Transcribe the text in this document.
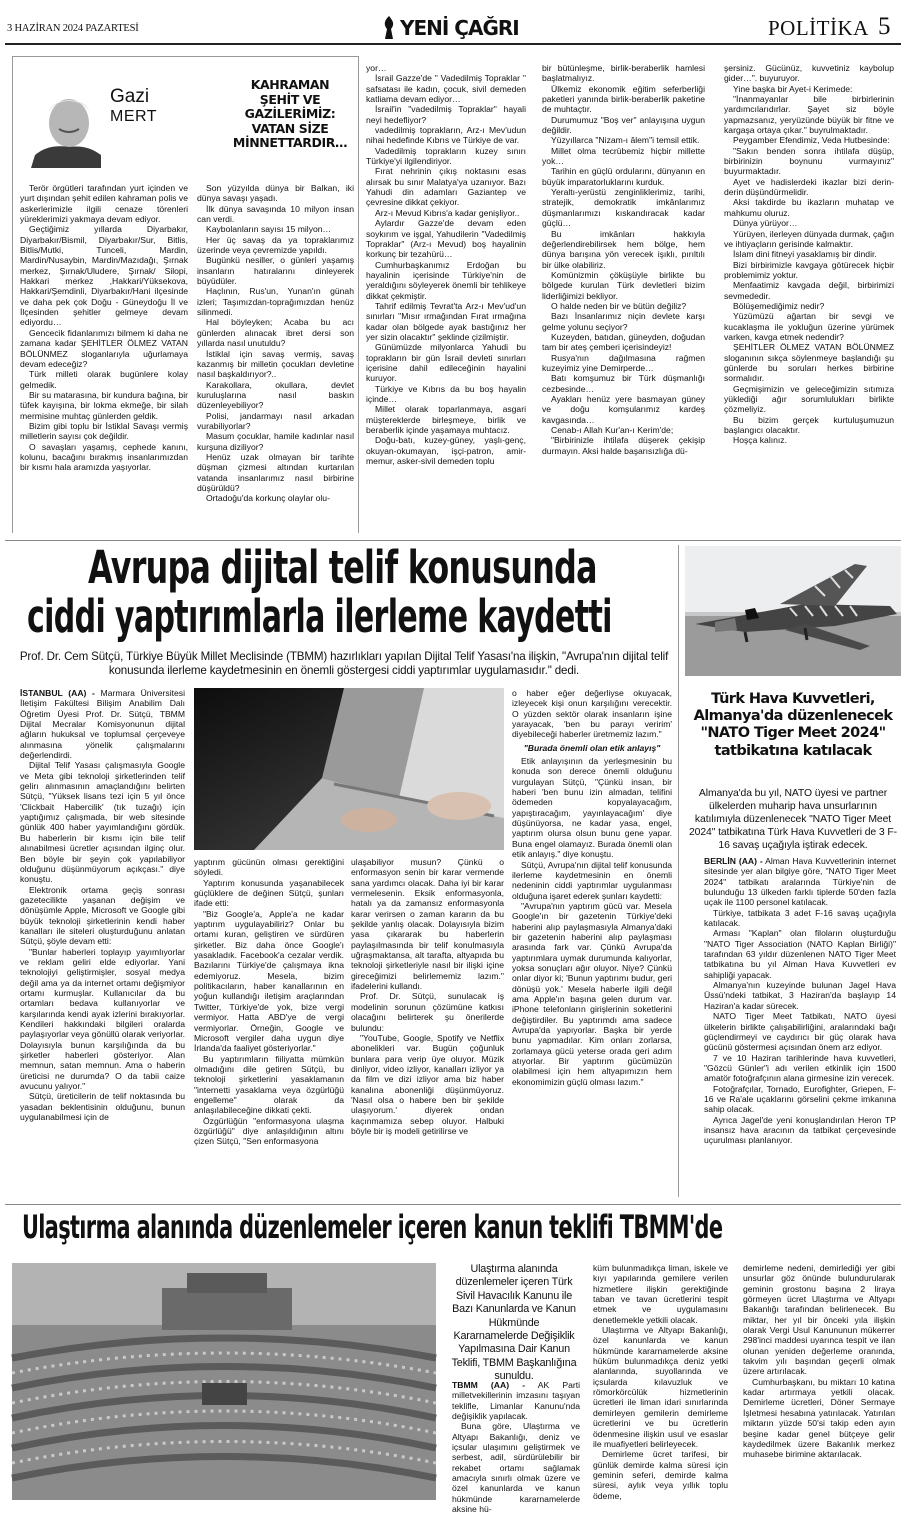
3 HAZİRAN 2024 PAZARTESİ	YENİ ÇAĞRI	POLİTİKA 5
Gazi
MERT
KAHRAMAN
ŞEHİT VE
GAZİLERİMİZ:
VATAN SİZE
MİNNETTARDIR…

Terör örgütleri tarafından yurt içinden ve yurt dışından şehit edilen kahraman polis ve askerlerimizle ilgili cenaze törenleri yüreklerimizi yakmaya devam ediyor.

Geçtiğimiz yıllarda Diyarbakır, Diyarbakır/Bismil, Diyarbakır/Sur, Bitlis, Bitlis/Mutki, Tunceli, Mardin, Mardin/Nusaybin, Mardin/Mazıdağı, Şırnak merkez, Şırnak/Uludere, Şırnak/ Silopi, Hakkari merkez ,Hakkari/Yüksekova, Hakkari/Şemdinli, Diyarbakır/Hani ilçesinde ve daha pek çok Doğu - Güneydoğu İl ve İlçesinden şehitler gelmeye devam ediyordu…

Gencecik fidanlarımızı bilmem ki daha ne zamana kadar ŞEHİTLER ÖLMEZ VATAN BÖLÜNMEZ sloganlarıyla uğurlamaya devam edeceğiz?

Türk milleti olarak bugünlere kolay gelmedik.

Bir su matarasına, bir kundura bağına, bir tüfek kayışına, bir lokma ekmeğe, bir silah mermisine muhtaç günlerden geldik.

Bizim gibi toplu bir İstiklal Savaşı vermiş milletlerin sayısı çok değildir.

O savaşları yaşamış, cephede kanını, kolunu, bacağını bırakmış insanlarımızdan bir kısmı hala aramızda yaşıyorlar.

Son yüzyılda dünya bir Balkan, iki dünya savaşı yaşadı.

İlk dünya savaşında 10 milyon insan can verdi.

Kaybolanların sayısı 15 milyon…

Her üç savaş da ya topraklarımız üzerinde veya çevremizde yapıldı.

Bugünkü nesiller, o günleri yaşamış insanların hatıralarını dinleyerek büyüdüler.

Haçlının, Rus'un, Yunan'ın günah izleri; Taşımızdan-toprağımızdan henüz silinmedi.

Hal böyleyken; Acaba bu acı günlerden alınacak ibret dersi son yıllarda nasıl unutuldu?

İstiklal için savaş vermiş, savaş kazanmış bir milletin çocukları devletine nasıl başkaldırıyor?..

Karakollara, okullara, devlet kuruluşlarına nasıl baskın düzenleyebiliyor?

Polisi, jandarmayı nasıl arkadan vurabiliyorlar?

Masum çocuklar, hamile kadınlar nasıl kurşuna diziliyor?

Henüz uzak olmayan bir tarihte düşman çizmesi altından kurtarılan vatanda insanlarımız nasıl birbirine düşürüldü?

Ortadoğu'da korkunç olaylar olu-

yor…

İsrail Gazze'de '' Vadedilmiş Topraklar '' safsatası ile kadın, çocuk, sivil demeden katliama devam ediyor…

İsrail'in "vadedilmiş Topraklar" hayali neyi hedefliyor?

vadedilmiş toprakların, Arz-ı Mev'udun nihai hedefinde Kıbrıs ve Türkiye de var.

Vadedilmiş toprakların kuzey sınırı Türkiye'yi ilgilendiriyor.

Fırat nehrinin çıkış noktasını esas alırsak bu sınır Malatya'ya uzanıyor. Bazı Yahudi din adamları Gaziantep ve çevresine dikkat çekiyor.

Arz-ı Mevud Kıbrıs'a kadar genişliyor..

Aylardır Gazze'de devam eden soykırım ve işgal, Yahudilerin "Vadedilmiş Topraklar" (Arz-ı Mevud) boş hayalinin korkunç bir tezahürü…

Cumhurbaşkanımız Erdoğan bu hayalinin içerisinde Türkiye'nin de yeraldığını söyleyerek önemli bir tehlikeye dikkat çekmiştir.

Tahrif edilmiş Tevrat'ta Arz-ı Mev'ud'un sınırları "Mısır ırmağından Fırat ırmağına kadar olan bölgede ayak bastığınız her yer sizin olacaktır" şeklinde çizilmiştir.

Günümüzde milyonlarca Yahudi bu toprakların bir gün İsrail devleti sınırları içerisine dahil edileceğinin hayalini kuruyor.

Türkiye ve Kıbrıs da bu boş hayalin içinde…

Millet olarak toparlanmaya, asgari müştereklerde birleşmeye, birlik ve beraberlik içinde yaşamaya muhtacız.

Doğu-batı, kuzey-güney, yaşlı-genç, okuyan-okumayan, işçi-patron, amir-memur, asker-sivil demeden toplu

bir bütünleşme, birlik-beraberlik hamlesi başlatmalıyız.

Ülkemiz ekonomik eğitim seferberliği paketleri yanında birlik-beraberlik paketine de muhtaçtır.

Durumumuz "Boş ver" anlayışına uygun değildir.

Yüzyıllarca "Nizam-ı âlem"i temsil ettik.

Millet olma tecrübemiz hiçbir millette yok…

Tarihin en güçlü ordularını, dünyanın en büyük imparatorluklarını kurduk.

Yeraltı-yerüstü zenginliklerimiz, tarihi, stratejik, demokratik imkânlarımız düşmanlarımızı kıskandıracak kadar güçlü…

Bu imkânları hakkıyla değerlendirebilirsek hem bölge, hem dünya barışına yön verecek işıklı, pırıltılı bir ülke olabiliriz.

Komünizmin çöküşüyle birlikte bu bölgede kurulan Türk devletleri bizim liderliğimizi bekliyor.

O halde neden bir ve bütün değiliz?

Bazı İnsanlarımız niçin devlete karşı gelme yolunu seçiyor?

Kuzeyden, batıdan, güneyden, doğudan tam bir ateş çemberi içerisindeyiz!

Rusya'nın dağılmasına rağmen kuzeyimiz yine Demirperde…

Batı komşumuz bir Türk düşmanlığı cezbesinde…

Ayakları henüz yere basmayan güney ve doğu komşularımız kardeş kavgasında…

Cenab-ı Allah Kur'an-ı Kerim'de;

"Birbirinizle ihtilafa düşerek çekişip durmayın. Aksi halde başarısızlığa dü-

şersiniz. Gücünüz, kuvvetiniz kaybolup gider…". buyuruyor.

Yine başka bir Ayet-i Kerimede:

"İnanmayanlar bile birbirlerinin yardımcılarıdırlar. Şayet siz böyle yapmazsanız, yeryüzünde büyük bir fitne ve kargaşa ortaya çıkar." buyrulmaktadır.

Peygamber Efendimiz, Veda Hutbesinde:

"Sakın benden sonra ihtilafa düşüp, birbirinizin boynunu vurmayınız" buyurmaktadır.

Ayet ve hadislerdeki ikazlar bizi derin-derin düşündürmelidir.

Aksi takdirde bu ikazların muhatap ve mahkumu oluruz.

Dünya yürüyor…

Yürüyen, ilerleyen dünyada durmak, çağın ve ihtiyaçların gerisinde kalmaktır.

İslam dini fitneyi yasaklamış bir dindir.

Bizi birbirimizle kavgaya götürecek hiçbir problemimiz yoktur.

Menfaatimiz kavgada değil, birbirimizi sevmededir.

Bölüşemediğimiz nedir?

Yüzümüzü ağartan bir sevgi ve kucaklaşma ile yokluğun üzerine yürümek varken, kavga etmek nedendir?

ŞEHİTLER ÖLMEZ VATAN BÖLÜNMEZ sloganının sıkça söylenmeye başlandığı şu günlerde bu soruları herkes birbirine sormalıdır.

Geçmişimizin ve geleceğimizin sıtımıza yüklediği ağır sorumlulukları birlikte çözmeliyiz.

Bu bizim gerçek kurtuluşumuzun başlangıcı olacaktır.

Hoşça kalınız.

Avrupa dijital telif konusunda
ciddi yaptırımlarla ilerleme kaydetti
Prof. Dr. Cem Sütçü, Türkiye Büyük Millet Meclisinde (TBMM) hazırlıkları yapılan Dijital Telif Yasası'na ilişkin, "Avrupa'nın dijital telif konusunda ilerleme kaydetmesinin en önemli göstergesi ciddi yaptırımlar uygulamasıdır." dedi.

İSTANBUL (AA) - Marmara Üniversitesi İletişim Fakültesi Bilişim Anabilim Dalı Öğretim Üyesi Prof. Dr. Sütçü, TBMM Dijital Mecralar Komisyonunun dijital ağların hukuksal ve toplumsal çerçeveye alınmasına yönelik çalışmalarını değerlendirdi.

Dijital Telif Yasası çalışmasıyla Google ve Meta gibi teknoloji şirketlerinden telif gelirı alınmasının amaçlandığını belirten Sütçü, "Yüksek lisans tezi için 5 yıl önce 'Clickbait Habercilik' (tık tuzağı) için yaptığımız çalışmada, bir web sitesinde günlük 400 haber yayımlandığını gördük. Bu haberlerin bir kısmı için bile telif alınabilmesi ücretler açısından ilginç olur. Ben böyle bir şeyin çok yapılabiliyor olduğunu düşünmüyorum açıkçası." diye konuştu.

Elektronik ortama geçiş sonrası gazetecilikte yaşanan değişim ve dönüşümle Apple, Microsoft ve Google gibi büyük teknoloji şirketlerinin kendi haber kanalları ile siteleri oluşturduğunu anlatan Sütçü, şöyle devam etti:

"Bunlar haberleri toplayıp yayımlıyorlar ve reklam geliri elde ediyorlar. Yani teknolojiyi geliştirmişler, sosyal medya değil ama ya da internet ortamı değişmiyor ortamı kurmuşlar. Kullanıcılar da bu ortamları bedava kullanıyorlar ve karşılarında kendi ayak izlerini bırakıyorlar. Kendileri hakkındaki bilgileri oralarda paylaşıyorlar veya gönüllü olarak veriyorlar. Dolayısıyla bunun karşılığında da bu şirketler haberleri gösteriyor. Alan memnun, satan memnun. Ama o haberin üreticisi ne durumda? O da tabii caize avucunu yalıyor."

Sütçü, üreticilerin de telif noktasında bu yasadan beklentisinin olduğunu, bunun uygulanabilmesi için de

yaptırım gücünün olması gerektiğini söyledi.

Yaptırım konusunda yaşanabilecek güçlüklere de değinen Sütçü, şunları ifade etti:

"Biz Google'a, Apple'a ne kadar yaptırım uygulayabiliriz? Onlar bu ortamı kuran, geliştiren ve sürdüren şirketler. Biz daha önce Google'ı yasakladık. Facebook'a cezalar verdik. Bazılarını Türkiye'de çalışmaya ikna edemiyoruz. Mesela, bizim politikacıların, haber kanallarının en yoğun kullandığı iletişim araçlarından Twitter, Türkiye'de yok, bize vergi vermiyor. Hatta ABD'ye de vergi vermiyorlar. Örneğin, Google ve Microsoft vergiler daha uygun diye İrlanda'da faaliyet gösteriyorlar."

Bu yaptırımların fiiliyatta mümkün olmadığını dile getiren Sütçü, bu teknoloji şirketlerini yasaklamanın "internetti yasaklama veya özgürlüğü engelleme" olarak da anlaşılabileceğine dikkati çekti.

Özgürlüğün "enformasyona ulaşma özgürlüğü" diye anlaşıldığının altını çizen Sütçü, "Sen enformasyona

ulaşabiliyor musun? Çünkü o enformasyon senin bir karar vermende sana yardımcı olacak. Daha iyi bir karar vermelesenin. Eksik enformasyonla, hatalı ya da zamansız enformasyonla karar verirsen o zaman kararın da bu şekilde yanlış olacak. Dolayısıyla bizim yasa çıkararak bu haberlerin paylaşılmasında bir telif konulmasıyla uğraşmaktansa, alt tarafta, altyapıda bu teknoloji şirketleriyle nasıl bir ilişki içine gireceğimizi belirlememiz lazım." ifadelerini kullandı.

Prof. Dr. Sütçü, sunulacak iş modelinin sorunun çözümüne katkısı olacağını belirterek şu önerilerde bulundu:

"YouTube, Google, Spotify ve Netflix abonelikleri var. Bugün çoğunluk bunlara para verip üye oluyor. Müzik dinliyor, video izliyor, kanalları izliyor ya da film ve dizi izliyor ama biz haber kanalına abonenliği düşünmüyoruz. 'Nasıl olsa o habere ben bir şekilde ulaşıyorum.' diyerek ondan kaçınmamıza sebep oluyor. Halbuki böyle bir iş modeli getirilirse ve

o haber eğer değerliyse okuyacak, izleyecek kişi onun karşılığını verecektir. O yüzden sektör olarak insanların işine yarayacak, 'ben bu parayı veririm' diyebileceği haberler üretmemiz lazım."

"Burada önemli olan etik anlayış"

Etik anlayışının da yerleşmesinin bu konuda son derece önemli olduğunu vurgulayan Sütçü, "Çünkü insan, bir haberi 'ben bunu izin almadan, telifini ödemeden kopyalayacağım, yapıştıracağım, yayınlayacağım' diye düşünüyorsa, ne kadar yasa, engel, yaptırım olursa olsun bunu gene yapar. Buna engel olamayız. Burada önemli olan etik anlayış." diye konuştu.

Sütçü, Avrupa'nın dijital telif konusunda ilerleme kaydetmesinin en önemli nedeninin ciddi yaptırımlar uygulanması olduğuna işaret ederek şunları kaydetti:

"Avrupa'nın yaptırım gücü var. Mesela Google'ın bir gazetenin Türkiye'deki haberini alıp paylaşmasıyla Almanya'daki bir gazetenin haberini alıp paylaşması arasında fark var. Çünkü Avrupa'da yaptırımlara uymak durumunda kalıyorlar, yoksa sonuçları ağır oluyor. Niye? Çünkü onlar diyor ki; 'Bunun yaptırımı budur, geri dönüşü yok.' Mesela haberle ilgili değil ama Apple'ın başına gelen durum var. iPhone telefonların girişlerinin soketlerini değiştirdiler. Bu yaptırımdı ama sadece Avrupa'da yapıyorlar. Başka bir yerde bunu yapmadılar. Kim onları zorlarsa, zorlamaya gücü yeterse orada geri adım atıyorlar. Bir yaptırım gücümüzün olabilmesi için hem altyapımızın hem ekonomimizin güçlü olması lazım."

Türk Hava Kuvvetleri, Almanya'da düzenlenecek "NATO Tiger Meet 2024" tatbikatına katılacak
Almanya'da bu yıl, NATO üyesi ve partner ülkelerden muharip hava unsurlarının katılımıyla düzenlenecek "NATO Tiger Meet 2024" tatbikatına Türk Hava Kuvvetleri de 3 F-16 savaş uçağıyla iştirak edecek.

BERLİN (AA) - Alman Hava Kuvvetlerinin internet sitesinde yer alan bilgiye göre, "NATO Tiger Meet 2024" tatbikatı aralarında Türkiye'nin de bulunduğu 13 ülkeden farklı tiplerde 50'den fazla uçak ile 1100 personel katılacak.

Türkiye, tatbikata 3 adet F-16 savaş uçağıyla katılacak.

Arması "Kaplan" olan filoların oluşturduğu "NATO Tiger Association (NATO Kaplan Birliği)" tarafından 63 yıldır düzenlenen NATO Tiger Meet tatbikatına bu yıl Alman Hava Kuvvetleri ev sahipliği yapacak.

Almanya'nın kuzeyinde bulunan Jagel Hava Üssü'ndeki tatbikat, 3 Haziran'da başlayıp 14 Haziran'a kadar sürecek.

NATO Tiger Meet Tatbikatı, NATO üyesi ülkelerin birlikte çalışabilirliğini, aralarındaki bağı güçlendirmeyi ve caydırıcı bir güç olarak hava gücünü göstermesi açısından önem arz ediyor.

7 ve 10 Haziran tarihlerinde hava kuvvetleri, "Gözcü Günler"i adı verilen etkinlik için 1500 amatör fotoğrafçının alana girmesine izin verecek.

Fotoğrafçılar, Tornado, Eurofighter, Griepen, F-16 ve Ra'ale uçaklarını görselini çekme imkanına sahip olacak.

Ayrıca Jagel'de yeni konuşlandırılan Heron TP insansız hava aracının da tatbikat çerçevesinde uçurulması planlanıyor.

Ulaştırma alanında düzenlemeler içeren kanun teklifi TBMM'de
Ulaştırma alanında düzenlemeler içeren Türk Sivil Havacılık Kanunu ile Bazı Kanunlarda ve Kanun Hükmünde Kararnamelerde Değişiklik Yapılmasına Dair Kanun Teklifi, TBMM Başkanlığına sunuldu.

TBMM (AA) - AK Parti milletvekillerinin imzasını taşıyan teklifle, Limanlar Kanunu'nda değişiklik yapılacak.

Buna göre, Ulaştırma ve Altyapı Bakanlığı, deniz ve içsular ulaşımını geliştirmek ve serbest, adil, sürdürülebilir bir rekabet ortamı sağlamak amacıyla sınırlı olmak üzere ve özel kanunlarda ve kanun hükmünde kararnamelerde aksine hü-

küm bulunmadıkça liman, iskele ve kıyı yapılarında gemilere verilen hizmetlere ilişkin gerektiğinde taban ve tavan ücretlerini tespit etmek ve uygulamasını denetlemekle yetkili olacak.

Ulaştırma ve Altyapı Bakanlığı, özel kanunlarda ve kanun hükmünde kararnamelerde aksine hüküm bulunmadıkça deniz yetki alanlarında, suyollarında ve içsularda kılavuzluk ve römorkörcülük hizmetlerinin ücretleri ile liman idari sınırlarında demirleyen gemilerin demirleme ücretlerini ve bu ücretlerin ödenmesine ilişkin usul ve esaslar ile muafiyetleri belirleyecek.

Demirleme ücret tarifesi, bir günlük demirde kalma süresi için geminin seferi, demirde kalma süresi, aylık veya yıllık toplu ödeme,

demirleme nedeni, demirlediği yer gibi unsurlar göz önünde bulundurularak geminin grostonu başına 2 liraya görmeyen ücret Ulaştırma ve Altyapı Bakanlığı tarafından belirlenecek. Bu miktar, her yıl bir önceki yıla ilişkin olarak Vergi Usul Kanununun mükerrer 298'inci maddesi uyarınca tespit ve ilan olunan yeniden değerleme oranında, takvim yılı başından geçerli olmak üzere artırılacak.

Cumhurbaşkanı, bu miktarı 10 katına kadar artırmaya yetkili olacak. Demirleme ücretleri, Döner Sermaye İşletmesi hesabına yatırılacak. Yatırılan miktarın yüzde 50'si takip eden ayın beşine kadar genel bütçeye gelir kaydedilmek üzere Bakanlık merkez muhasebe birimine aktarılacak.
